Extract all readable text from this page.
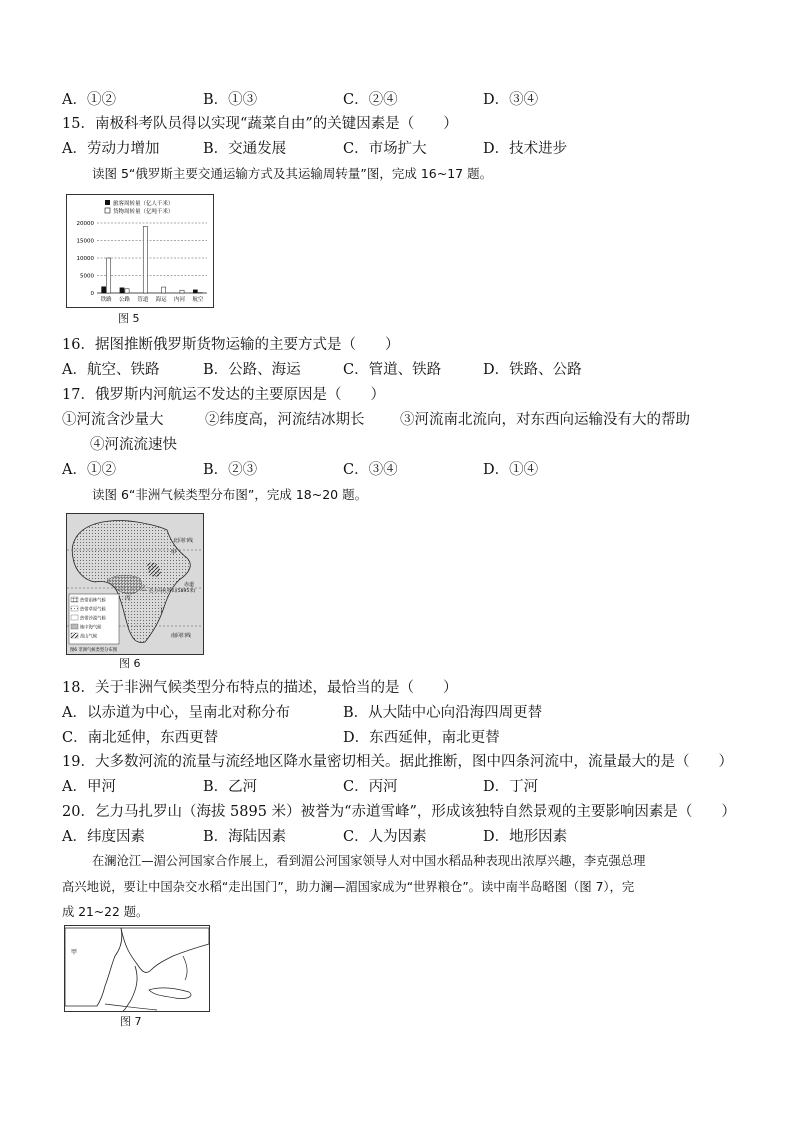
A．①②	B．①③	C．②④	D．③④
15．南极科考队员得以实现“蔬菜自由”的关键因素是（　　）
A．劳动力增加	B．交通发展	C．市场扩大	D．技术进步
读图 5“俄罗斯主要交通运输方式及其运输周转量”图，完成 16~17 题。
旅客周转量（亿人千米）
货物周转量（亿吨千米）
0
5000
10000
15000
20000
铁路 公路 管道 海运 内河 航空
图 5
16．据图推断俄罗斯货物运输的主要方式是（　　）
A．航空、铁路	B．公路、海运	C．管道、铁路	D．铁路、公路
17．俄罗斯内河航运不发达的主要原因是（　　）
①河流含沙量大	②纬度高，河流结冰期长 ③河流南北流向，对东西向运输没有大的帮助
④河流流速快
A．①②	B．②③	C．③④	D．①④
读图 6“非洲气候类型分布图”，完成 18~20 题。
北回归线
赤道
南回归线
甲
乙
丙
丁
乞力马扎罗山(5895米)
热带雨林气候
热带草原气候
热带沙漠气候
地中海气候
高山气候
图6 非洲气候类型分布图
图 6
18．关于非洲气候类型分布特点的描述，最恰当的是（　　）
A．以赤道为中心，呈南北对称分布	B．从大陆中心向沿海四周更替
C．南北延伸，东西更替	D．东西延伸，南北更替
19．大多数河流的流量与流经地区降水量密切相关。据此推断，图中四条河流中，流量最大的是（　　）
A．甲河	B．乙河	C．丙河	D．丁河
20．乞力马扎罗山（海拔 5895 米）被誉为“赤道雪峰”，形成该独特自然景观的主要影响因素是（　　）
A．纬度因素	B．海陆因素	C．人为因素	D．地形因素
在澜沧江—湄公河国家合作展上，看到湄公河国家领导人对中国水稻品种表现出浓厚兴趣，李克强总理
高兴地说，要让中国杂交水稻“走出国门”，助力澜—湄国家成为“世界粮仓”。读中南半岛略图（图 7），完
成 21~22 题。
甲
图 7
